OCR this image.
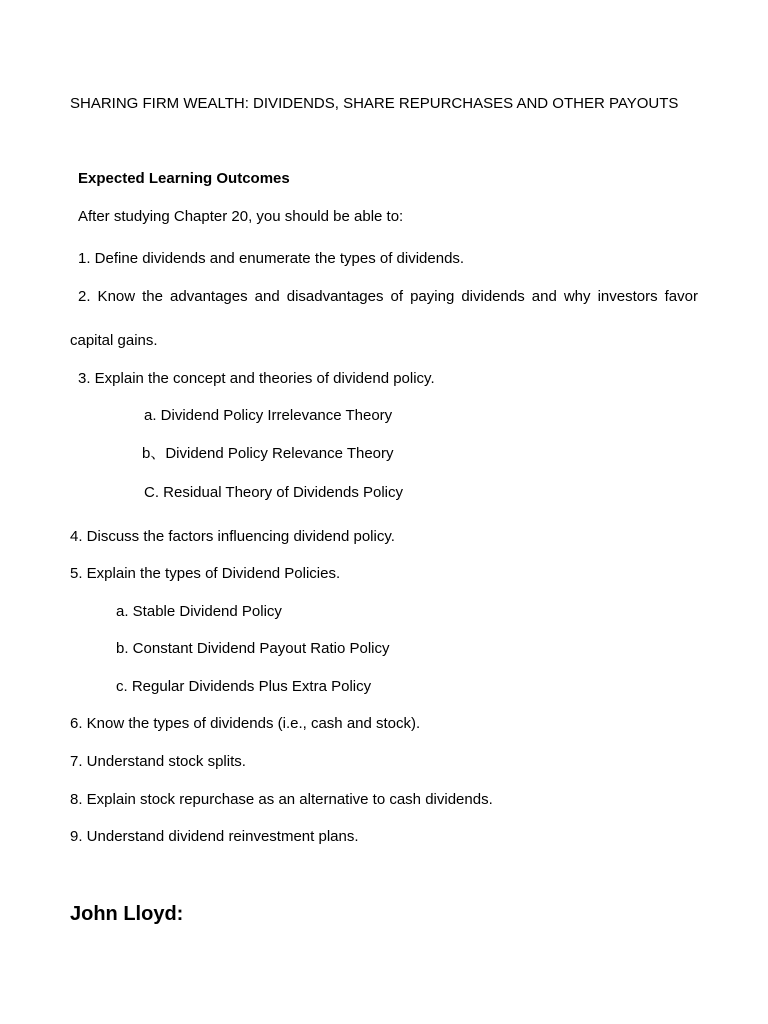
SHARING FIRM WEALTH: DIVIDENDS, SHARE REPURCHASES AND OTHER PAYOUTS
Expected Learning Outcomes
After studying Chapter 20, you should be able to:
1. Define dividends and enumerate the types of dividends.
2. Know the advantages and disadvantages of paying dividends and why investors favor
capital gains.
3. Explain the concept and theories of dividend policy.
a. Dividend Policy Irrelevance Theory
b、Dividend Policy Relevance Theory
C. Residual Theory of Dividends Policy
4. Discuss the factors influencing dividend policy.
5. Explain the types of Dividend Policies.
a. Stable Dividend Policy
b. Constant Dividend Payout Ratio Policy
c. Regular Dividends Plus Extra Policy
6. Know the types of dividends (i.e., cash and stock).
7. Understand stock splits.
8. Explain stock repurchase as an alternative to cash dividends.
9. Understand dividend reinvestment plans.
John Lloyd:
